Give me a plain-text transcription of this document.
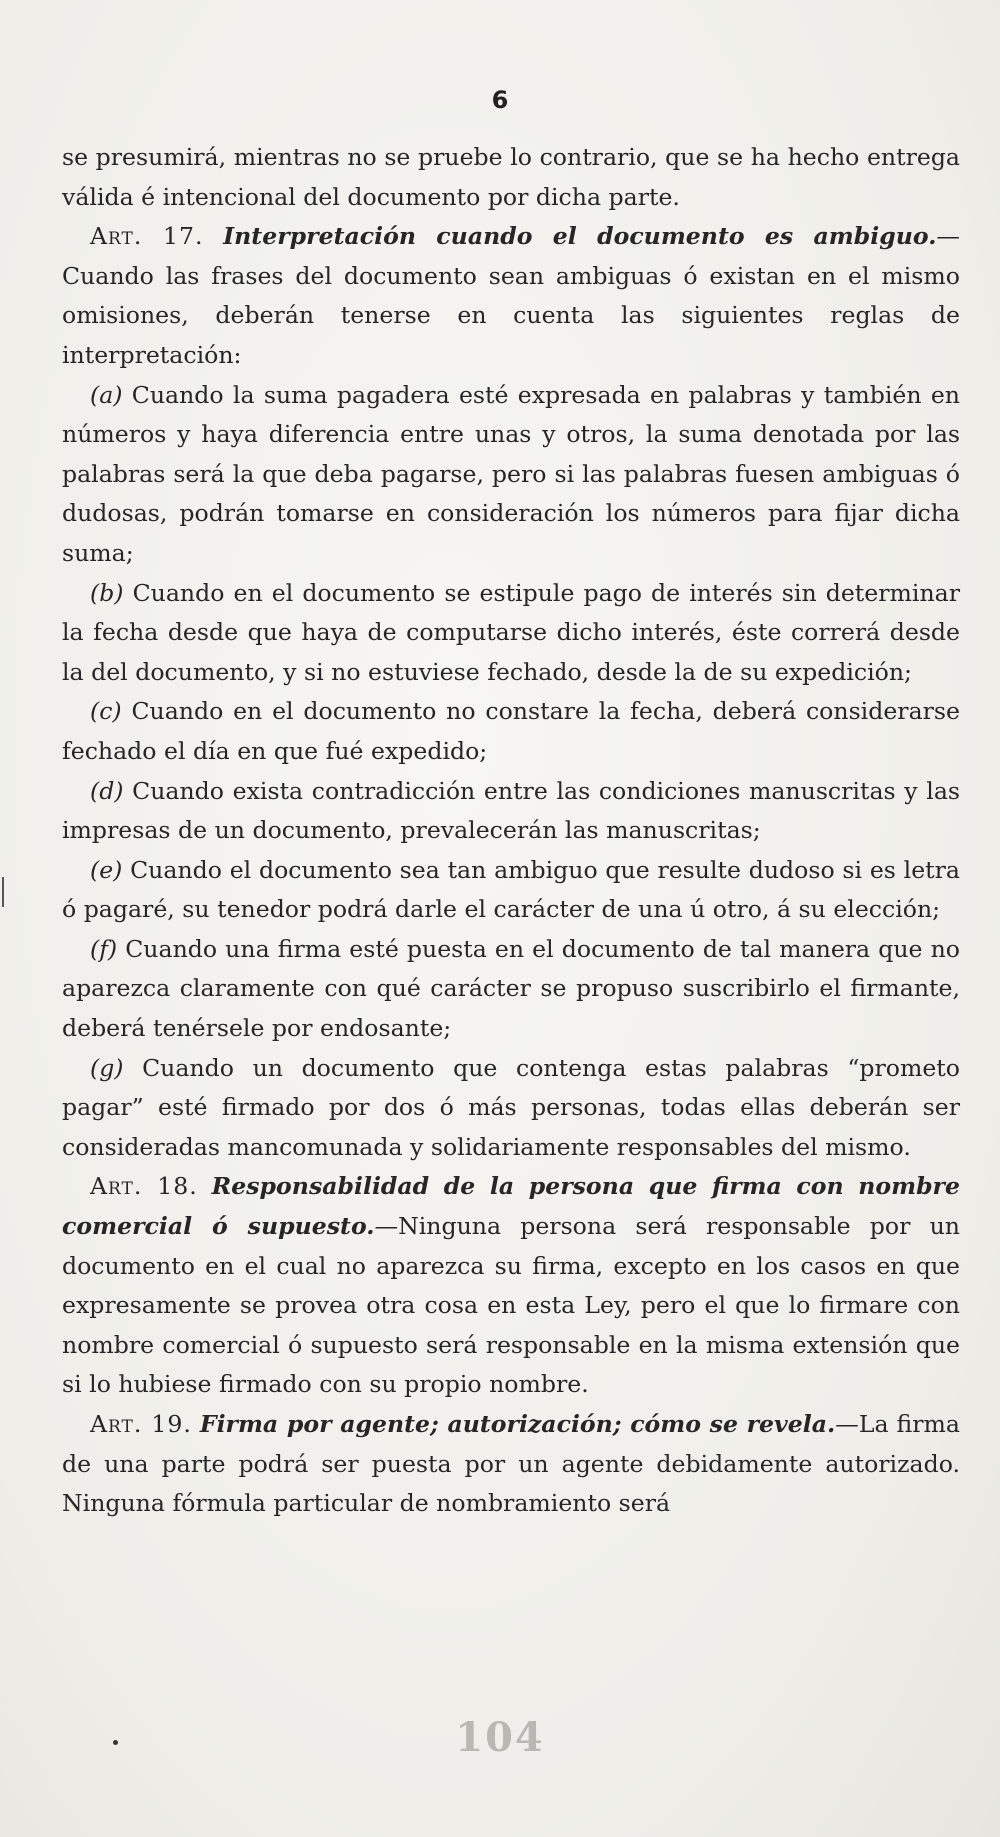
6

se presumirá, mientras no se pruebe lo contrario, que se ha hecho entrega válida é intencional del documento por dicha parte.

Art. 17. Interpretación cuando el documento es ambiguo.—Cuando las frases del documento sean ambiguas ó existan en el mismo omisiones, deberán tenerse en cuenta las siguientes reglas de interpretación:

(a) Cuando la suma pagadera esté expresada en palabras y también en números y haya diferencia entre unas y otros, la suma denotada por las palabras será la que deba pagarse, pero si las palabras fuesen ambiguas ó dudosas, podrán tomarse en consideración los números para fijar dicha suma;

(b) Cuando en el documento se estipule pago de interés sin determinar la fecha desde que haya de computarse dicho interés, éste correrá desde la del documento, y si no estuviese fechado, desde la de su expedición;

(c) Cuando en el documento no constare la fecha, deberá considerarse fechado el día en que fué expedido;

(d) Cuando exista contradicción entre las condiciones manuscritas y las impresas de un documento, prevalecerán las manuscritas;

(e) Cuando el documento sea tan ambiguo que resulte dudoso si es letra ó pagaré, su tenedor podrá darle el carácter de una ú otro, á su elección;

(f) Cuando una firma esté puesta en el documento de tal manera que no aparezca claramente con qué carácter se propuso suscribirlo el firmante, deberá tenérsele por endosante;

(g) Cuando un documento que contenga estas palabras “prometo pagar” esté firmado por dos ó más personas, todas ellas deberán ser consideradas mancomunada y solidariamente responsables del mismo.

Art. 18. Responsabilidad de la persona que firma con nombre comercial ó supuesto.—Ninguna persona será responsable por un documento en el cual no aparezca su firma, excepto en los casos en que expresamente se provea otra cosa en esta Ley, pero el que lo firmare con nombre comercial ó supuesto será responsable en la misma extensión que si lo hubiese firmado con su propio nombre.

Art. 19. Firma por agente; autorización; cómo se revela.—La firma de una parte podrá ser puesta por un agente debidamente autorizado. Ninguna fórmula particular de nombramiento será

104
